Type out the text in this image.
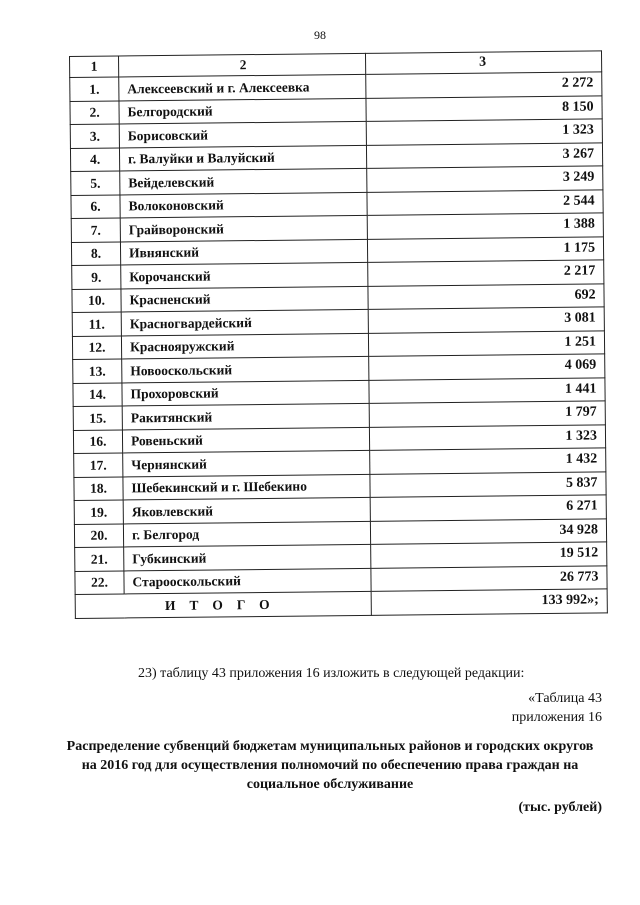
98
1	2	3
1.	Алексеевский и г. Алексеевка	2 272
2.	Белгородский	8 150
3.	Борисовский	1 323
4.	г. Валуйки и Валуйский	3 267
5.	Вейделевский	3 249
6.	Волоконовский	2 544
7.	Грайворонский	1 388
8.	Ивнянский	1 175
9.	Корочанский	2 217
10.	Красненский	692
11.	Красногвардейский	3 081
12.	Краснояружский	1 251
13.	Новооскольский	4 069
14.	Прохоровский	1 441
15.	Ракитянский	1 797
16.	Ровеньский	1 323
17.	Чернянский	1 432
18.	Шебекинский и г. Шебекино	5 837
19.	Яковлевский	6 271
20.	г. Белгород	34 928
21.	Губкинский	19 512
22.	Старооскольский	26 773
ИТОГО		133 992»;
23) таблицу 43 приложения 16 изложить в следующей редакции:
«Таблица 43
приложения 16
Распределение субвенций бюджетам муниципальных районов и городских округов на 2016 год для осуществления полномочий по обеспечению права граждан на социальное обслуживание
(тыс. рублей)
